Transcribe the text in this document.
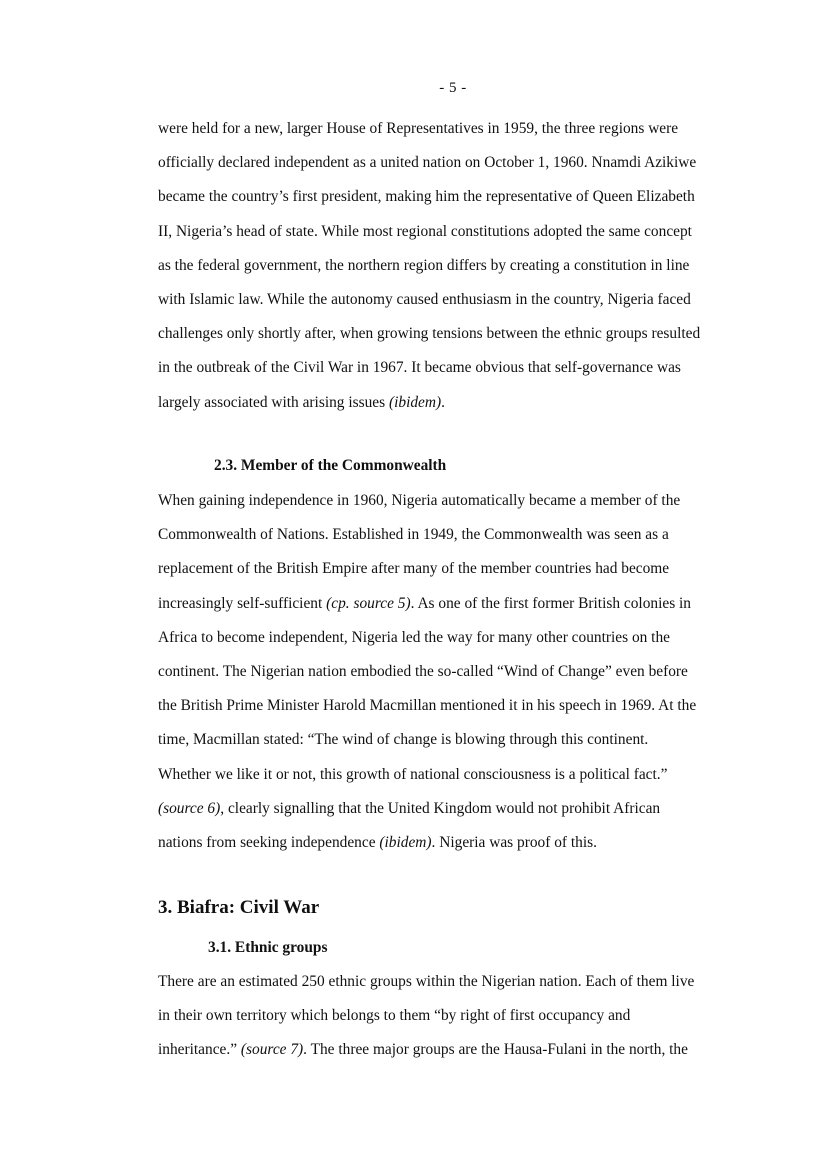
- 5 -
were held for a new, larger House of Representatives in 1959, the three regions were
officially declared independent as a united nation on October 1, 1960. Nnamdi Azikiwe
became the country’s first president, making him the representative of Queen Elizabeth
II, Nigeria’s head of state. While most regional constitutions adopted the same concept
as the federal government, the northern region differs by creating a constitution in line
with Islamic law. While the autonomy caused enthusiasm in the country, Nigeria faced
challenges only shortly after, when growing tensions between the ethnic groups resulted
in the outbreak of the Civil War in 1967. It became obvious that self-governance was
largely associated with arising issues (ibidem).
2.3. Member of the Commonwealth
When gaining independence in 1960, Nigeria automatically became a member of the
Commonwealth of Nations. Established in 1949, the Commonwealth was seen as a
replacement of the British Empire after many of the member countries had become
increasingly self-sufficient (cp. source 5). As one of the first former British colonies in
Africa to become independent, Nigeria led the way for many other countries on the
continent. The Nigerian nation embodied the so-called “Wind of Change” even before
the British Prime Minister Harold Macmillan mentioned it in his speech in 1969. At the
time, Macmillan stated: “The wind of change is blowing through this continent.
Whether we like it or not, this growth of national consciousness is a political fact.”
(source 6), clearly signalling that the United Kingdom would not prohibit African
nations from seeking independence (ibidem). Nigeria was proof of this.
3. Biafra: Civil War
3.1. Ethnic groups
There are an estimated 250 ethnic groups within the Nigerian nation. Each of them live
in their own territory which belongs to them “by right of first occupancy and
inheritance.” (source 7). The three major groups are the Hausa-Fulani in the north, the
